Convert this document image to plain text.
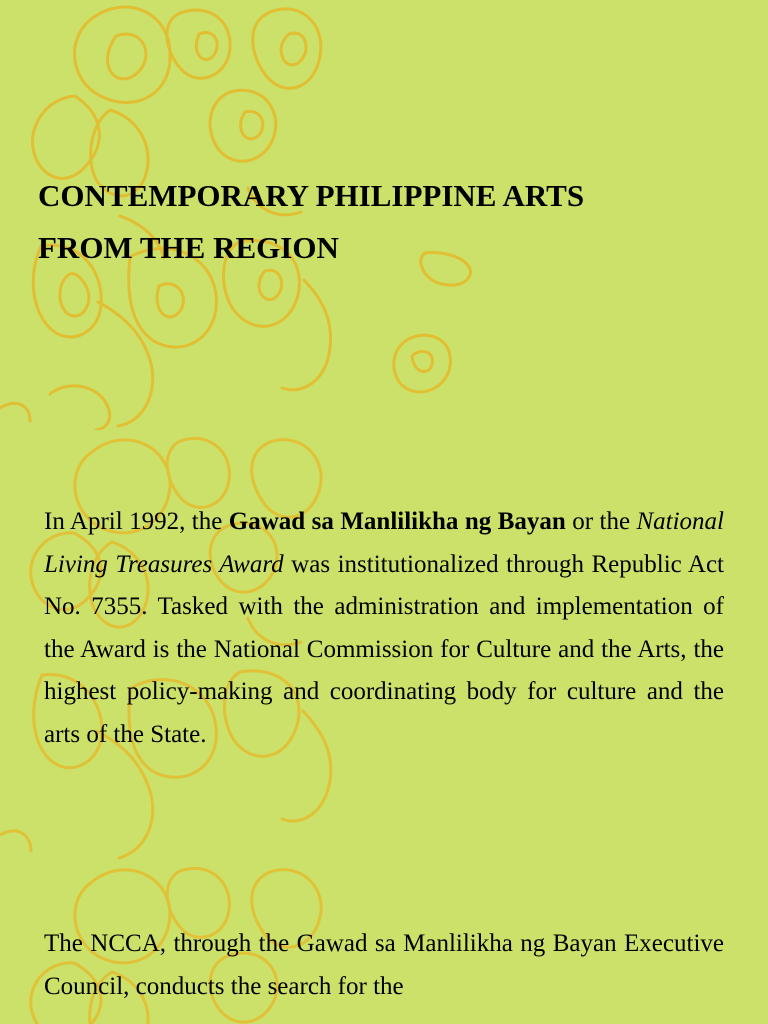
CONTEMPORARY PHILIPPINE ARTS
FROM THE REGION

In April 1992, the Gawad sa Manlilikha ng Bayan or the National Living Treasures Award was institutionalized through Republic Act No. 7355. Tasked with the administration and implementation of the Award is the National Commission for Culture and the Arts, the highest policy-making and coordinating body for culture and the arts of the State.

The NCCA, through the Gawad sa Manlilikha ng Bayan Executive Council, conducts the search for the
